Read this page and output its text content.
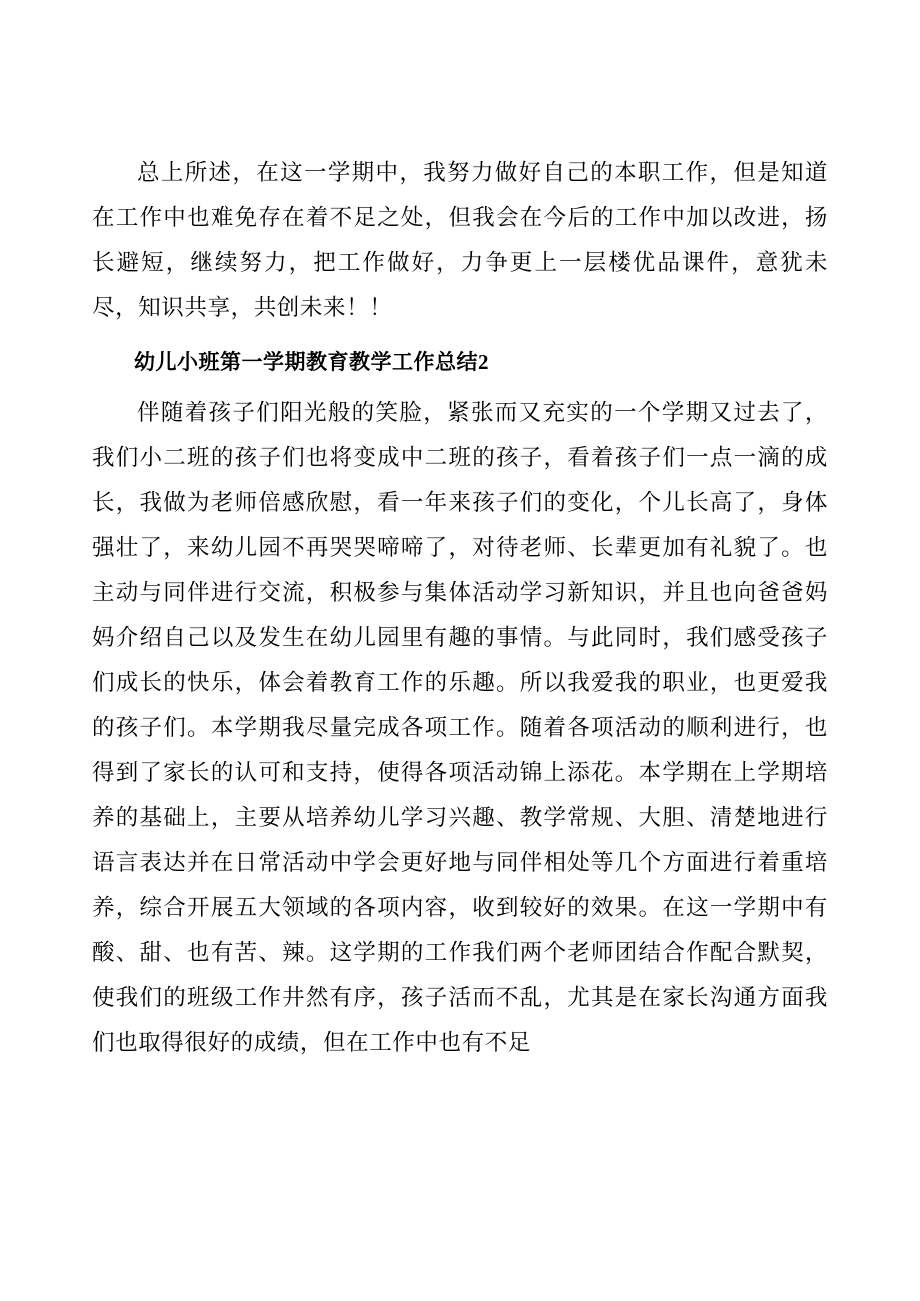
总上所述，在这一学期中，我努力做好自己的本职工作，但是知道在工作中也难免存在着不足之处，但我会在今后的工作中加以改进，扬长避短，继续努力，把工作做好，力争更上一层楼优品课件，意犹未尽，知识共享，共创未来！！

幼儿小班第一学期教育教学工作总结2

伴随着孩子们阳光般的笑脸，紧张而又充实的一个学期又过去了，我们小二班的孩子们也将变成中二班的孩子，看着孩子们一点一滴的成长，我做为老师倍感欣慰，看一年来孩子们的变化，个儿长高了，身体强壮了，来幼儿园不再哭哭啼啼了，对待老师、长辈更加有礼貌了。也主动与同伴进行交流，积极参与集体活动学习新知识，并且也向爸爸妈妈介绍自己以及发生在幼儿园里有趣的事情。与此同时，我们感受孩子们成长的快乐，体会着教育工作的乐趣。所以我爱我的职业，也更爱我的孩子们。本学期我尽量完成各项工作。随着各项活动的顺利进行，也得到了家长的认可和支持，使得各项活动锦上添花。本学期在上学期培养的基础上，主要从培养幼儿学习兴趣、教学常规、大胆、清楚地进行语言表达并在日常活动中学会更好地与同伴相处等几个方面进行着重培养，综合开展五大领域的各项内容，收到较好的效果。在这一学期中有酸、甜、也有苦、辣。这学期的工作我们两个老师团结合作配合默契，使我们的班级工作井然有序，孩子活而不乱，尤其是在家长沟通方面我们也取得很好的成绩，但在工作中也有不足
